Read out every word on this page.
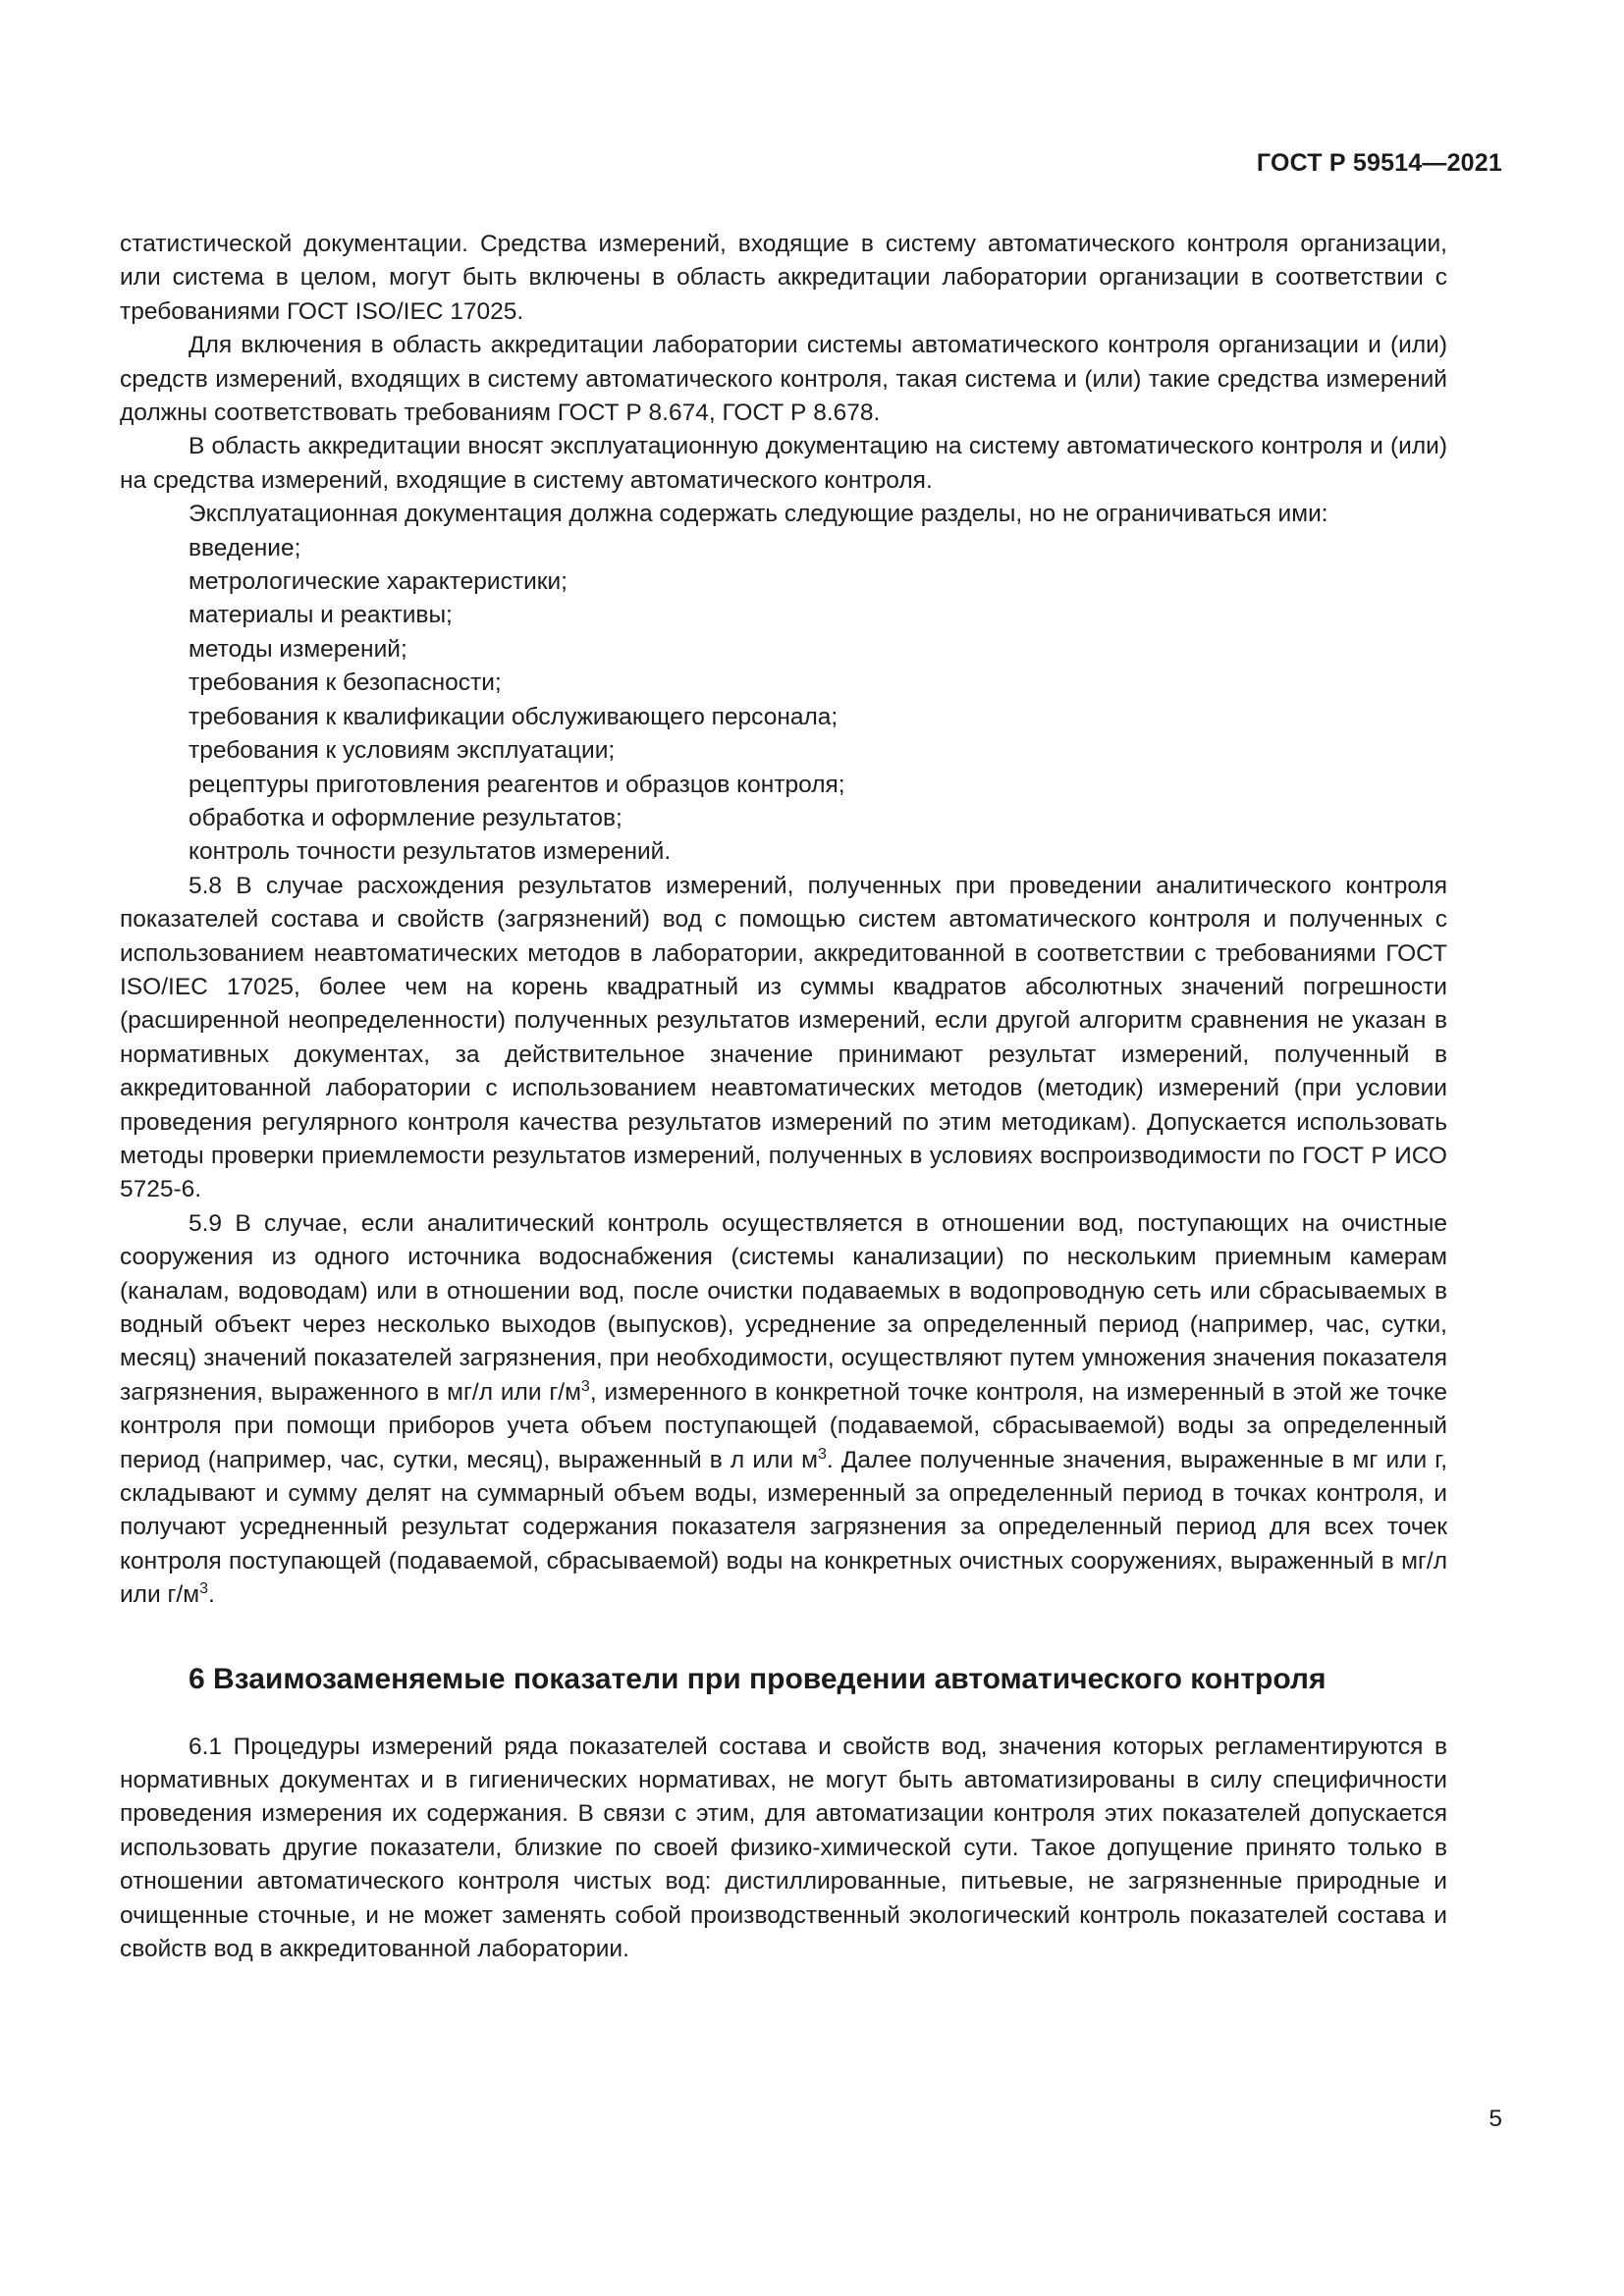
ГОСТ Р 59514—2021

статистической документации. Средства измерений, входящие в систему автоматического контроля организации, или система в целом, могут быть включены в область аккредитации лаборатории организации в соответствии с требованиями ГОСТ ISO/IEC 17025.

Для включения в область аккредитации лаборатории системы автоматического контроля организации и (или) средств измерений, входящих в систему автоматического контроля, такая система и (или) такие средства измерений должны соответствовать требованиям ГОСТ Р 8.674, ГОСТ Р 8.678.

В область аккредитации вносят эксплуатационную документацию на систему автоматического контроля и (или) на средства измерений, входящие в систему автоматического контроля.

Эксплуатационная документация должна содержать следующие разделы, но не ограничиваться ими:

введение;
метрологические характеристики;
материалы и реактивы;
методы измерений;
требования к безопасности;
требования к квалификации обслуживающего персонала;
требования к условиям эксплуатации;
рецептуры приготовления реагентов и образцов контроля;
обработка и оформление результатов;
контроль точности результатов измерений.

5.8 В случае расхождения результатов измерений, полученных при проведении аналитического контроля показателей состава и свойств (загрязнений) вод с помощью систем автоматического контроля и полученных с использованием неавтоматических методов в лаборатории, аккредитованной в соответствии с требованиями ГОСТ ISO/IEC 17025, более чем на корень квадратный из суммы квадратов абсолютных значений погрешности (расширенной неопределенности) полученных результатов измерений, если другой алгоритм сравнения не указан в нормативных документах, за действительное значение принимают результат измерений, полученный в аккредитованной лаборатории с использованием неавтоматических методов (методик) измерений (при условии проведения регулярного контроля качества результатов измерений по этим методикам). Допускается использовать методы проверки приемлемости результатов измерений, полученных в условиях воспроизводимости по ГОСТ Р ИСО 5725-6.

5.9 В случае, если аналитический контроль осуществляется в отношении вод, поступающих на очистные сооружения из одного источника водоснабжения (системы канализации) по нескольким приемным камерам (каналам, водоводам) или в отношении вод, после очистки подаваемых в водопроводную сеть или сбрасываемых в водный объект через несколько выходов (выпусков), усреднение за определенный период (например, час, сутки, месяц) значений показателей загрязнения, при необходимости, осуществляют путем умножения значения показателя загрязнения, выраженного в мг/л или $г/м^3$, измеренного в конкретной точке контроля, на измеренный в этой же точке контроля при помощи приборов учета объем поступающей (подаваемой, сбрасываемой) воды за определенный период (например, час, сутки, месяц), выраженный в л или $м^3$. Далее полученные значения, выраженные в мг или г, складывают и сумму делят на суммарный объем воды, измеренный за определенный период в точках контроля, и получают усредненный результат содержания показателя загрязнения за определенный период для всех точек контроля поступающей (подаваемой, сбрасываемой) воды на конкретных очистных сооружениях, выраженный в мг/л или $г/м^3$.

6 Взаимозаменяемые показатели при проведении автоматического контроля

6.1 Процедуры измерений ряда показателей состава и свойств вод, значения которых регламентируются в нормативных документах и в гигиенических нормативах, не могут быть автоматизированы в силу специфичности проведения измерения их содержания. В связи с этим, для автоматизации контроля этих показателей допускается использовать другие показатели, близкие по своей физико-химической сути. Такое допущение принято только в отношении автоматического контроля чистых вод: дистиллированные, питьевые, не загрязненные природные и очищенные сточные, и не может заменять собой производственный экологический контроль показателей состава и свойств вод в аккредитованной лаборатории.

5
